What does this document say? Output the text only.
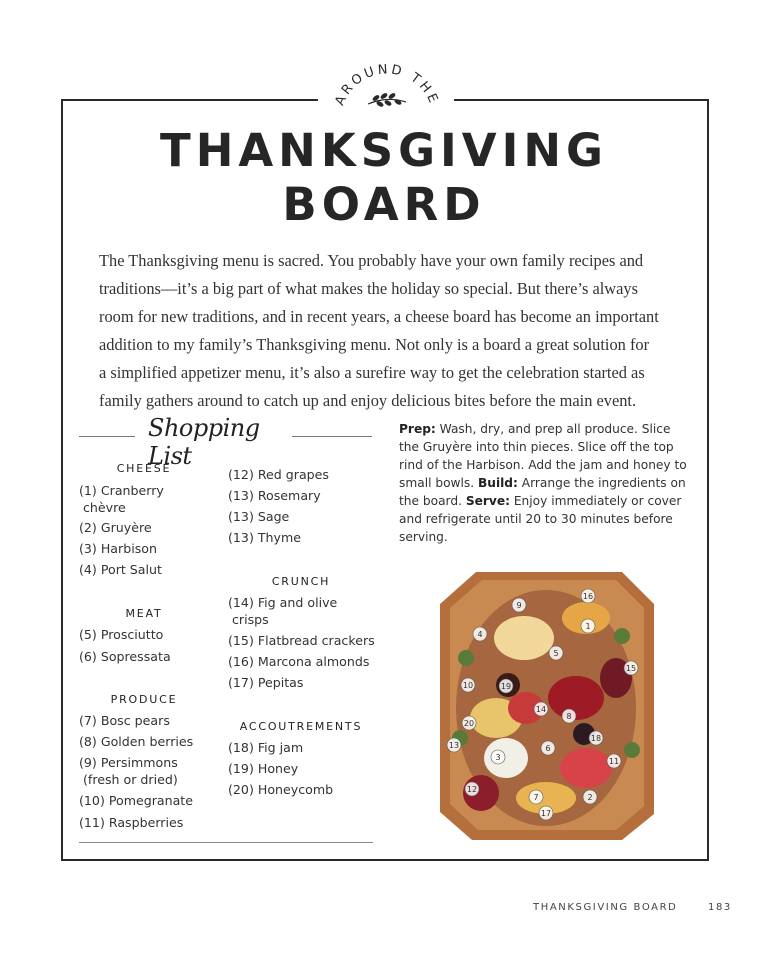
AROUND THE
THANKSGIVING
BOARD

The Thanksgiving menu is sacred. You probably have your own family recipes and traditions—it’s a big part of what makes the holiday so special. But there’s always room for new traditions, and in recent years, a cheese board has become an important addition to my family’s Thanksgiving menu. Not only is a board a great solution for a simplified appetizer menu, it’s also a surefire way to get the celebration started as family gathers around to catch up and enjoy delicious bites before the main event.

Shopping List
CHEESE
(1) Cranberry
chèvre
(2) Gruyère
(3) Harbison
(4) Port Salut
MEAT
(5) Prosciutto
(6) Sopressata
PRODUCE
(7) Bosc pears
(8) Golden berries
(9) Persimmons
(fresh or dried)
(10) Pomegranate
(11) Raspberries
(12) Red grapes
(13) Rosemary
(13) Sage
(13) Thyme
CRUNCH
(14) Fig and olive
crisps
(15) Flatbread crackers
(16) Marcona almonds
(17) Pepitas
ACCOUTREMENTS
(18) Fig jam
(19) Honey
(20) Honeycomb

Prep: Wash, dry, and prep all produce. Slice the Gruyère into thin pieces. Slice off the top rind of the Harbison. Add the jam and honey to small bowls. Build: Arrange the ingredients on the board. Serve: Enjoy immediately or cover and refrigerate until 20 to 30 minutes before serving.

1
2
3
4
5
6
7
8
9
10
11
12
13
14
15
16
17
18
19
20
THANKSGIVING BOARD	183
